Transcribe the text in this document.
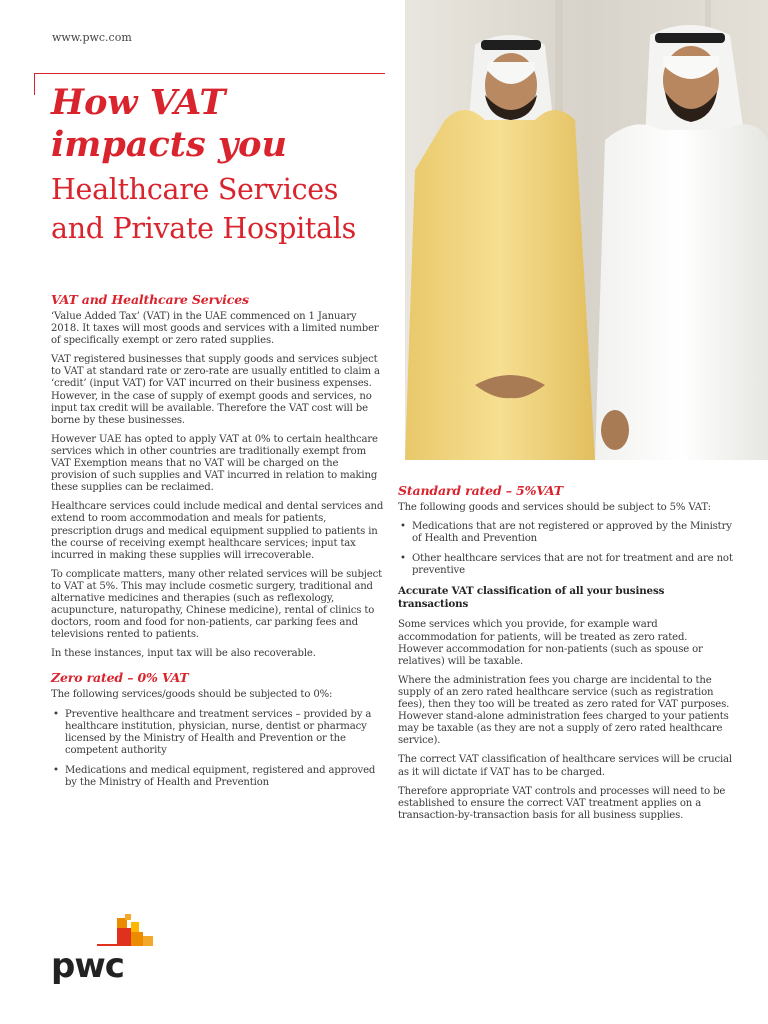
www.pwc.com
How VAT
impacts you
Healthcare Services
and Private Hospitals
VAT and Healthcare Services

‘Value Added Tax’ (VAT) in the UAE commenced on 1 January 2018. It taxes will most goods and services with a limited number of specifically exempt or zero rated supplies.

VAT registered businesses that supply goods and services subject to VAT at standard rate or zero-rate are usually entitled to claim a ‘credit’ (input VAT) for VAT incurred on their business expenses. However, in the case of supply of exempt goods and services, no input tax credit will be available. Therefore the VAT cost will be borne by these businesses.

However UAE has opted to apply VAT at 0% to certain healthcare services which in other countries are traditionally exempt from VAT Exemption means that no VAT will be charged on the provision of such supplies and VAT incurred in relation to making these supplies can be reclaimed.

Healthcare services could include medical and dental services and extend to room accommodation and meals for patients, prescription drugs and medical equipment supplied to patients in the course of receiving exempt healthcare services; input tax incurred in making these supplies will irrecoverable.

To complicate matters, many other related services will be subject to VAT at 5%. This may include cosmetic surgery, traditional and alternative medicines and therapies (such as reflexology, acupuncture, naturopathy, Chinese medicine), rental of clinics to doctors, room and food for non-patients, car parking fees and televisions rented to patients.

In these instances, input tax will be also recoverable.

Zero rated – 0% VAT

The following services/goods should be subjected to 0%:

• Preventive healthcare and treatment services – provided by a healthcare institution, physician, nurse, dentist or pharmacy licensed by the Ministry of Health and Prevention or the competent authority
• Medications and medical equipment, registered and approved by the Ministry of Health and Prevention
Standard rated – 5%VAT

The following goods and services should be subject to 5% VAT:

• Medications that are not registered or approved by the Ministry of Health and Prevention
• Other healthcare services that are not for treatment and are not preventive
Accurate VAT classification of all your business transactions

Some services which you provide, for example ward accommodation for patients, will be treated as zero rated. However accommodation for non-patients (such as spouse or relatives) will be taxable.

Where the administration fees you charge are incidental to the supply of an zero rated healthcare service (such as registration fees), then they too will be treated as zero rated for VAT purposes. However stand-alone administration fees charged to your patients may be taxable (as they are not a supply of zero rated healthcare service).

The correct VAT classification of healthcare services will be crucial as it will dictate if VAT has to be charged.

Therefore appropriate VAT controls and processes will need to be established to ensure the correct VAT treatment applies on a transaction-by-transaction basis for all business supplies.

pwc
